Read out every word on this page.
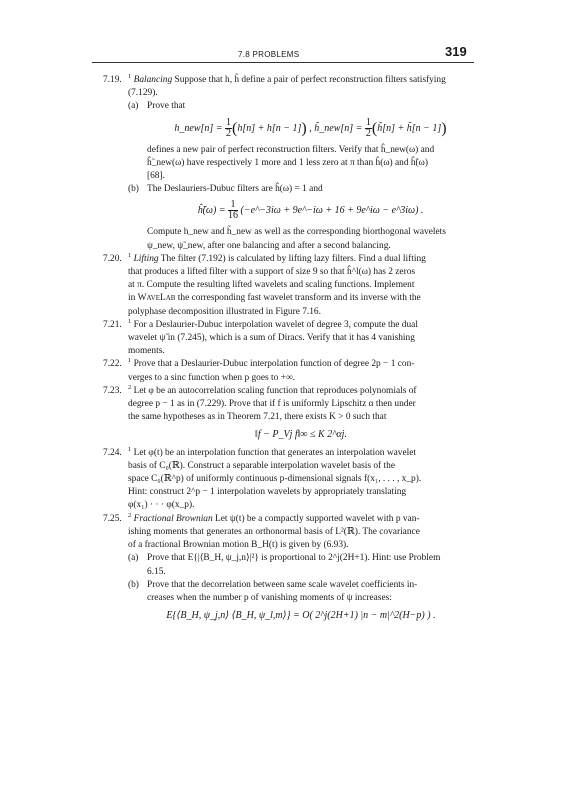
7.8 PROBLEMS	319
7.19. $^1$ Balancing Suppose that h, h̃ define a pair of perfect reconstruction filters satisfying (7.129).
(a) Prove that
h_new[n] = $\frac{1}{2} (h[n] + h[n - 1])$ , h̃_new[n] = $\frac{1}{2}$ (h̃[n] + h̃[n − 1])
defines a new pair of perfect reconstruction filters. Verify that ĥ_new(ω) and
ĥ̃_new(ω) have respectively 1 more and 1 less zero at π than ĥ(ω) and ĥ̃(ω)
[68].
(b) The Deslauriers-Dubuc filters are ĥ(ω) = 1 and
ĥ̃(ω) = $\frac{1}{16}$ (−e^−3iω + 9e^−iω + 16 + 9e^iω − e^3iω) .
Compute h_new and h̃_new as well as the corresponding biorthogonal wavelets
ψ_new, ψ̃_new, after one balancing and after a second balancing.
7.20. $^1$ Lifting The filter (7.192) is calculated by lifting lazy filters. Find a dual lifting
that produces a lifted filter with a support of size 9 so that ĥ^l(ω) has 2 zeros
at π. Compute the resulting lifted wavelets and scaling functions. Implement
in WaveLab the corresponding fast wavelet transform and its inverse with the
polyphase decomposition illustrated in Figure 7.16.
7.21. $^1$ For a Deslaurier-Dubuc interpolation wavelet of degree 3, compute the dual
wavelet ψ̃ in (7.245), which is a sum of Diracs. Verify that it has 4 vanishing
moments.
7.22. $^1$ Prove that a Deslaurier-Dubuc interpolation function of degree 2p − 1 con-
verges to a sinc function when p goes to +∞.
7.23. $^2$ Let φ be an autocorrelation scaling function that reproduces polynomials of
degree p − 1 as in (7.229). Prove that if f is uniformly Lipschitz α then under
the same hypotheses as in Theorem 7.21, there exists K > 0 such that
‖f − P_Vj f‖∞ ≤ K 2^αj.
7.24. $^1$ Let φ(t) be an interpolation function that generates an interpolation wavelet
basis of C₀(ℝ). Construct a separable interpolation wavelet basis of the
space C₀(ℝ^p) of uniformly continuous p-dimensional signals f(x₁, . . . , x_p).
Hint: construct 2^p − 1 interpolation wavelets by appropriately translating
φ(x₁) · · · φ(x_p).
7.25. $^2$ Fractional Brownian Let ψ(t) be a compactly supported wavelet with p van-
ishing moments that generates an orthonormal basis of L²(ℝ). The covariance
of a fractional Brownian motion B_H(t) is given by (6.93).
(a) Prove that E{|⟨B_H, ψ_j,n⟩|²} is proportional to 2^j(2H+1). Hint: use Problem
6.15.
(b) Prove that the decorrelation between same scale wavelet coefficients in-
creases when the number p of vanishing moments of ψ increases:
E{⟨B_H, ψ_j,n⟩ ⟨B_H, ψ_l,m⟩} = O( 2^j(2H+1) |n − m|^2(H−p) ) .
